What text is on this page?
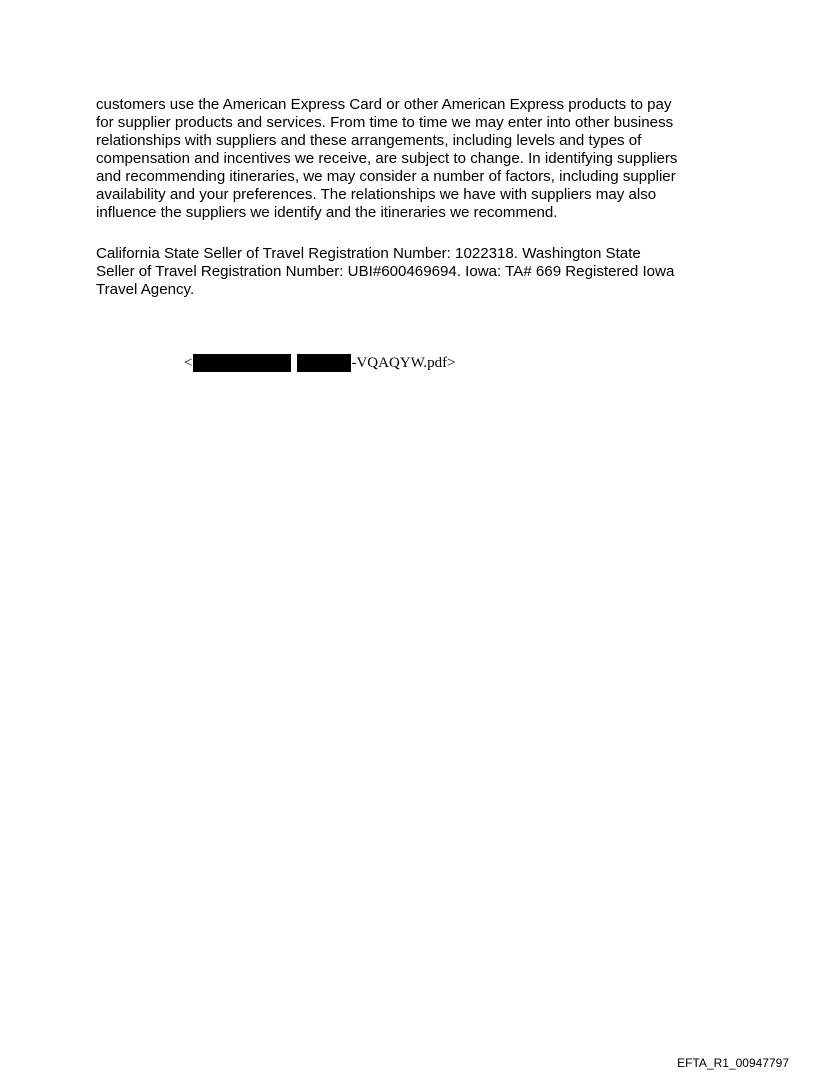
customers use the American Express Card or other American Express products to pay
for supplier products and services. From time to time we may enter into other business
relationships with suppliers and these arrangements, including levels and types of
compensation and incentives we receive, are subject to change. In identifying suppliers
and recommending itineraries, we may consider a number of factors, including supplier
availability and your preferences. The relationships we have with suppliers may also
influence the suppliers we identify and the itineraries we recommend.
California State Seller of Travel Registration Number: 1022318. Washington State
Seller of Travel Registration Number: UBI#600469694. Iowa: TA# 669 Registered Iowa
Travel Agency.
<	-VQAQYW.pdf>
EFTA_R1_00947797
